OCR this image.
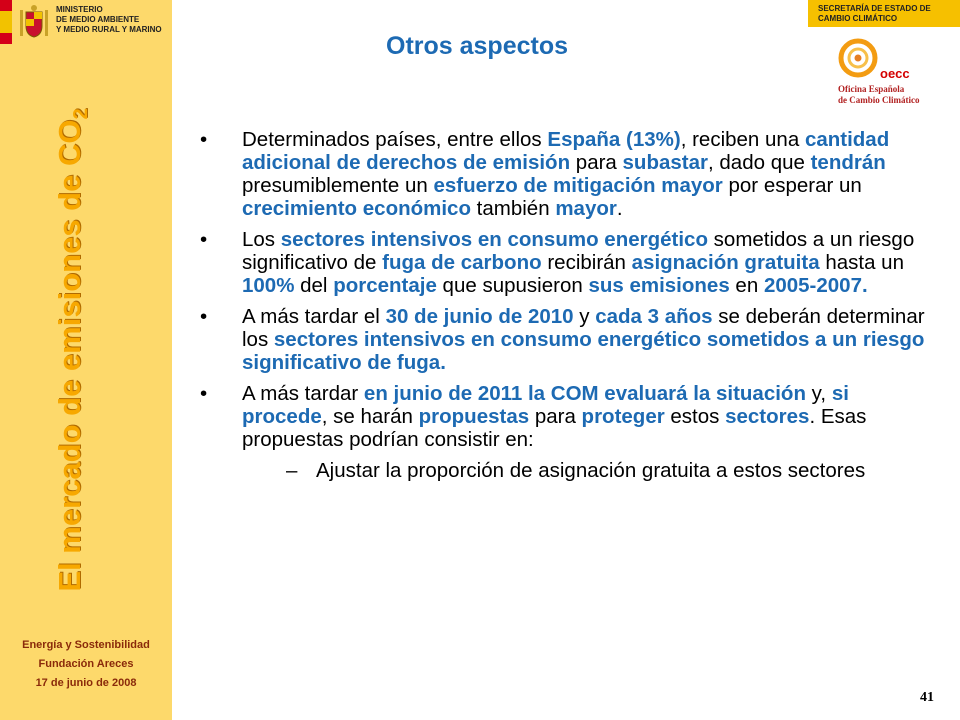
MINISTERIO
DE MEDIO AMBIENTE
Y MEDIO RURAL Y MARINO
El mercado de emisiones de $CO_2$
Energía y Sostenibilidad
Fundación Areces
17 de junio de 2008
SECRETARÍA DE ESTADO DE
CAMBIO CLIMÁTICO
oecc
Oficina Española
de Cambio Climático
Otros aspectos
• Determinados países, entre ellos España (13%), reciben una cantidad adicional de derechos de emisión para subastar, dado que tendrán presumiblemente un esfuerzo de mitigación mayor por esperar un crecimiento económico también mayor.
• Los sectores intensivos en consumo energético sometidos a un riesgo significativo de fuga de carbono recibirán asignación gratuita hasta un 100% del porcentaje que supusieron sus emisiones en 2005-2007.
• A más tardar el 30 de junio de 2010 y cada 3 años se deberán determinar los sectores intensivos en consumo energético sometidos a un riesgo significativo de fuga.
• A más tardar en junio de 2011 la COM evaluará la situación y, si procede, se harán propuestas para proteger estos sectores. Esas propuestas podrían consistir en:
– Ajustar la proporción de asignación gratuita a estos sectores
41
